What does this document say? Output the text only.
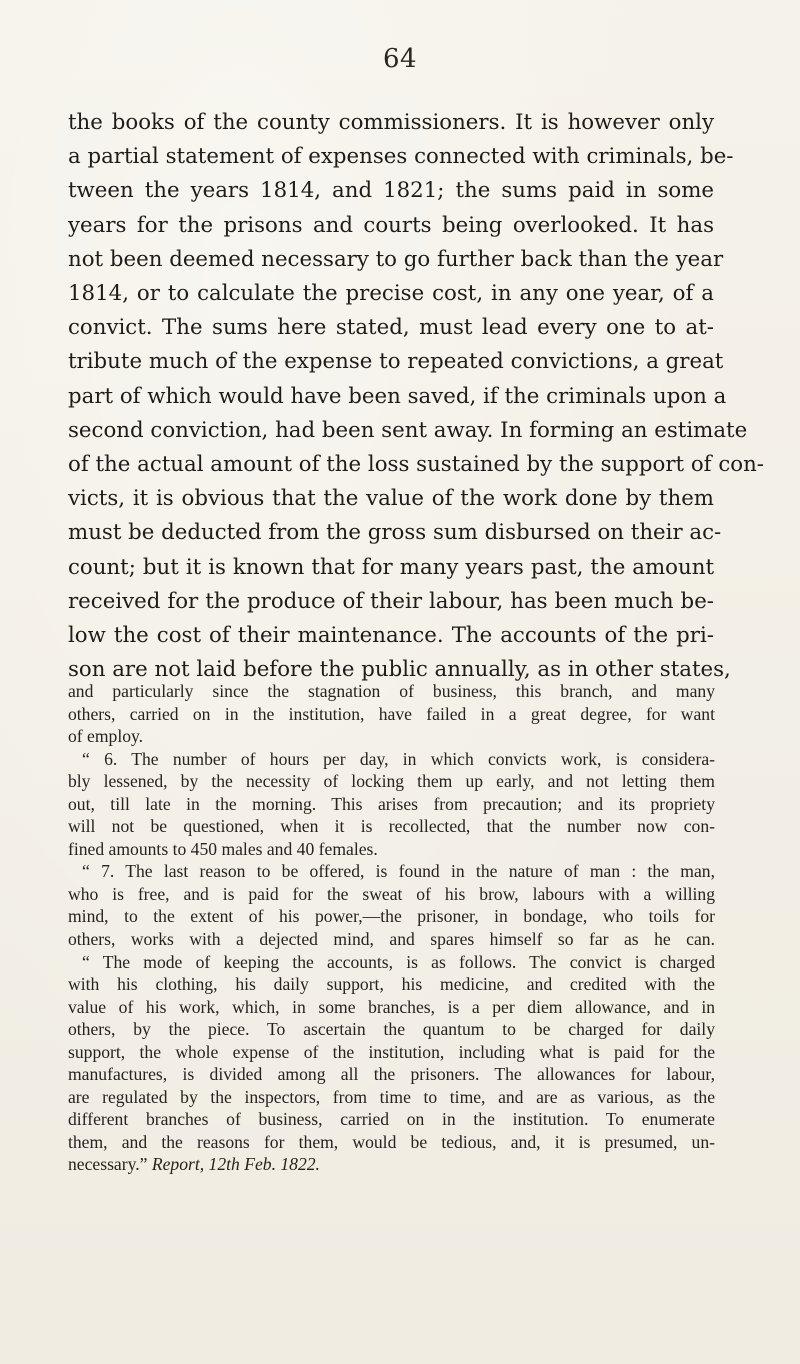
64
the books of the county commissioners. It is however only
a partial statement of expenses connected with criminals, be-
tween the years 1814, and 1821; the sums paid in some
years for the prisons and courts being overlooked. It has
not been deemed necessary to go further back than the year
1814, or to calculate the precise cost, in any one year, of a
convict. The sums here stated, must lead every one to at-
tribute much of the expense to repeated convictions, a great
part of which would have been saved, if the criminals upon a
second conviction, had been sent away. In forming an estimate
of the actual amount of the loss sustained by the support of con-
victs, it is obvious that the value of the work done by them
must be deducted from the gross sum disbursed on their ac-
count; but it is known that for many years past, the amount
received for the produce of their labour, has been much be-
low the cost of their maintenance. The accounts of the pri-
son are not laid before the public annually, as in other states,
and particularly since the stagnation of business, this branch, and many
others, carried on in the institution, have failed in a great degree, for want
of employ.
“ 6. The number of hours per day, in which convicts work, is considera-
bly lessened, by the necessity of locking them up early, and not letting them
out, till late in the morning. This arises from precaution; and its propriety
will not be questioned, when it is recollected, that the number now con-
fined amounts to 450 males and 40 females.
“ 7. The last reason to be offered, is found in the nature of man : the man,
who is free, and is paid for the sweat of his brow, labours with a willing
mind, to the extent of his power,—the prisoner, in bondage, who toils for
others, works with a dejected mind, and spares himself so far as he can.
“ The mode of keeping the accounts, is as follows. The convict is charged
with his clothing, his daily support, his medicine, and credited with the
value of his work, which, in some branches, is a per diem allowance, and in
others, by the piece. To ascertain the quantum to be charged for daily
support, the whole expense of the institution, including what is paid for the
manufactures, is divided among all the prisoners. The allowances for labour,
are regulated by the inspectors, from time to time, and are as various, as the
different branches of business, carried on in the institution. To enumerate
them, and the reasons for them, would be tedious, and, it is presumed, un-
necessary.” Report, 12th Feb. 1822.
